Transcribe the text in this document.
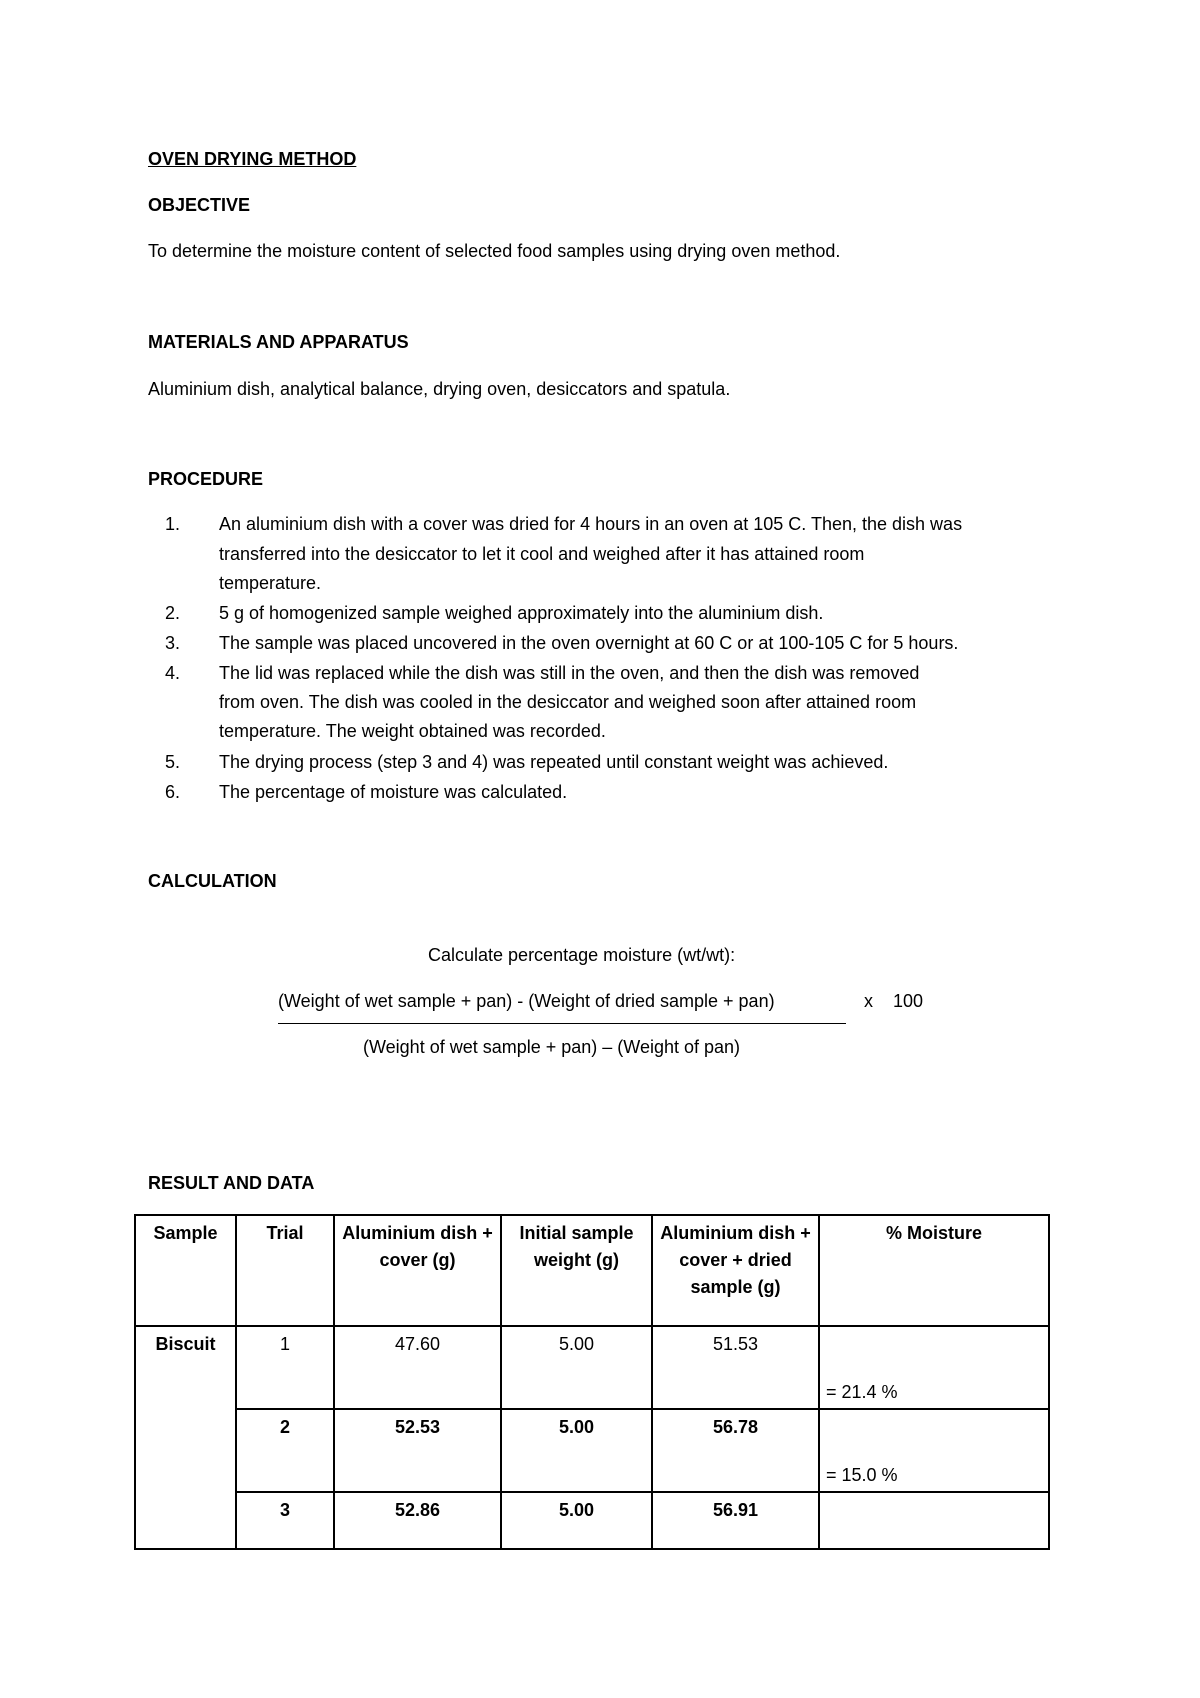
OVEN DRYING METHOD
OBJECTIVE
To determine the moisture content of selected food samples using drying oven method.
MATERIALS AND APPARATUS
Aluminium dish, analytical balance, drying oven, desiccators and spatula.
PROCEDURE
1.	An aluminium dish with a cover was dried for 4 hours in an oven at 105 C. Then, the dish was
transferred into the desiccator to let it cool and weighed after it has attained room
temperature.
2.	5 g of homogenized sample weighed approximately into the aluminium dish.
3.	The sample was placed uncovered in the oven overnight at 60 C or at 100-105 C for 5 hours.
4.	The lid was replaced while the dish was still in the oven, and then the dish was removed
from oven. The dish was cooled in the desiccator and weighed soon after attained room
temperature. The weight obtained was recorded.
5.	The drying process (step 3 and 4) was repeated until constant weight was achieved.
6.	The percentage of moisture was calculated.
CALCULATION
Calculate percentage moisture (wt/wt):
(Weight of wet sample + pan) - (Weight of dried sample + pan)	x    100
(Weight of wet sample + pan) – (Weight of pan)
RESULT AND DATA
Sample	Trial	Aluminium dish + cover (g)	Initial sample weight (g)	Aluminium dish + cover + dried sample (g)	% Moisture
Biscuit	1	47.60	5.00	51.53	= 21.4 %
	2	52.53	5.00	56.78	= 15.0 %
	3	52.86	5.00	56.91	
